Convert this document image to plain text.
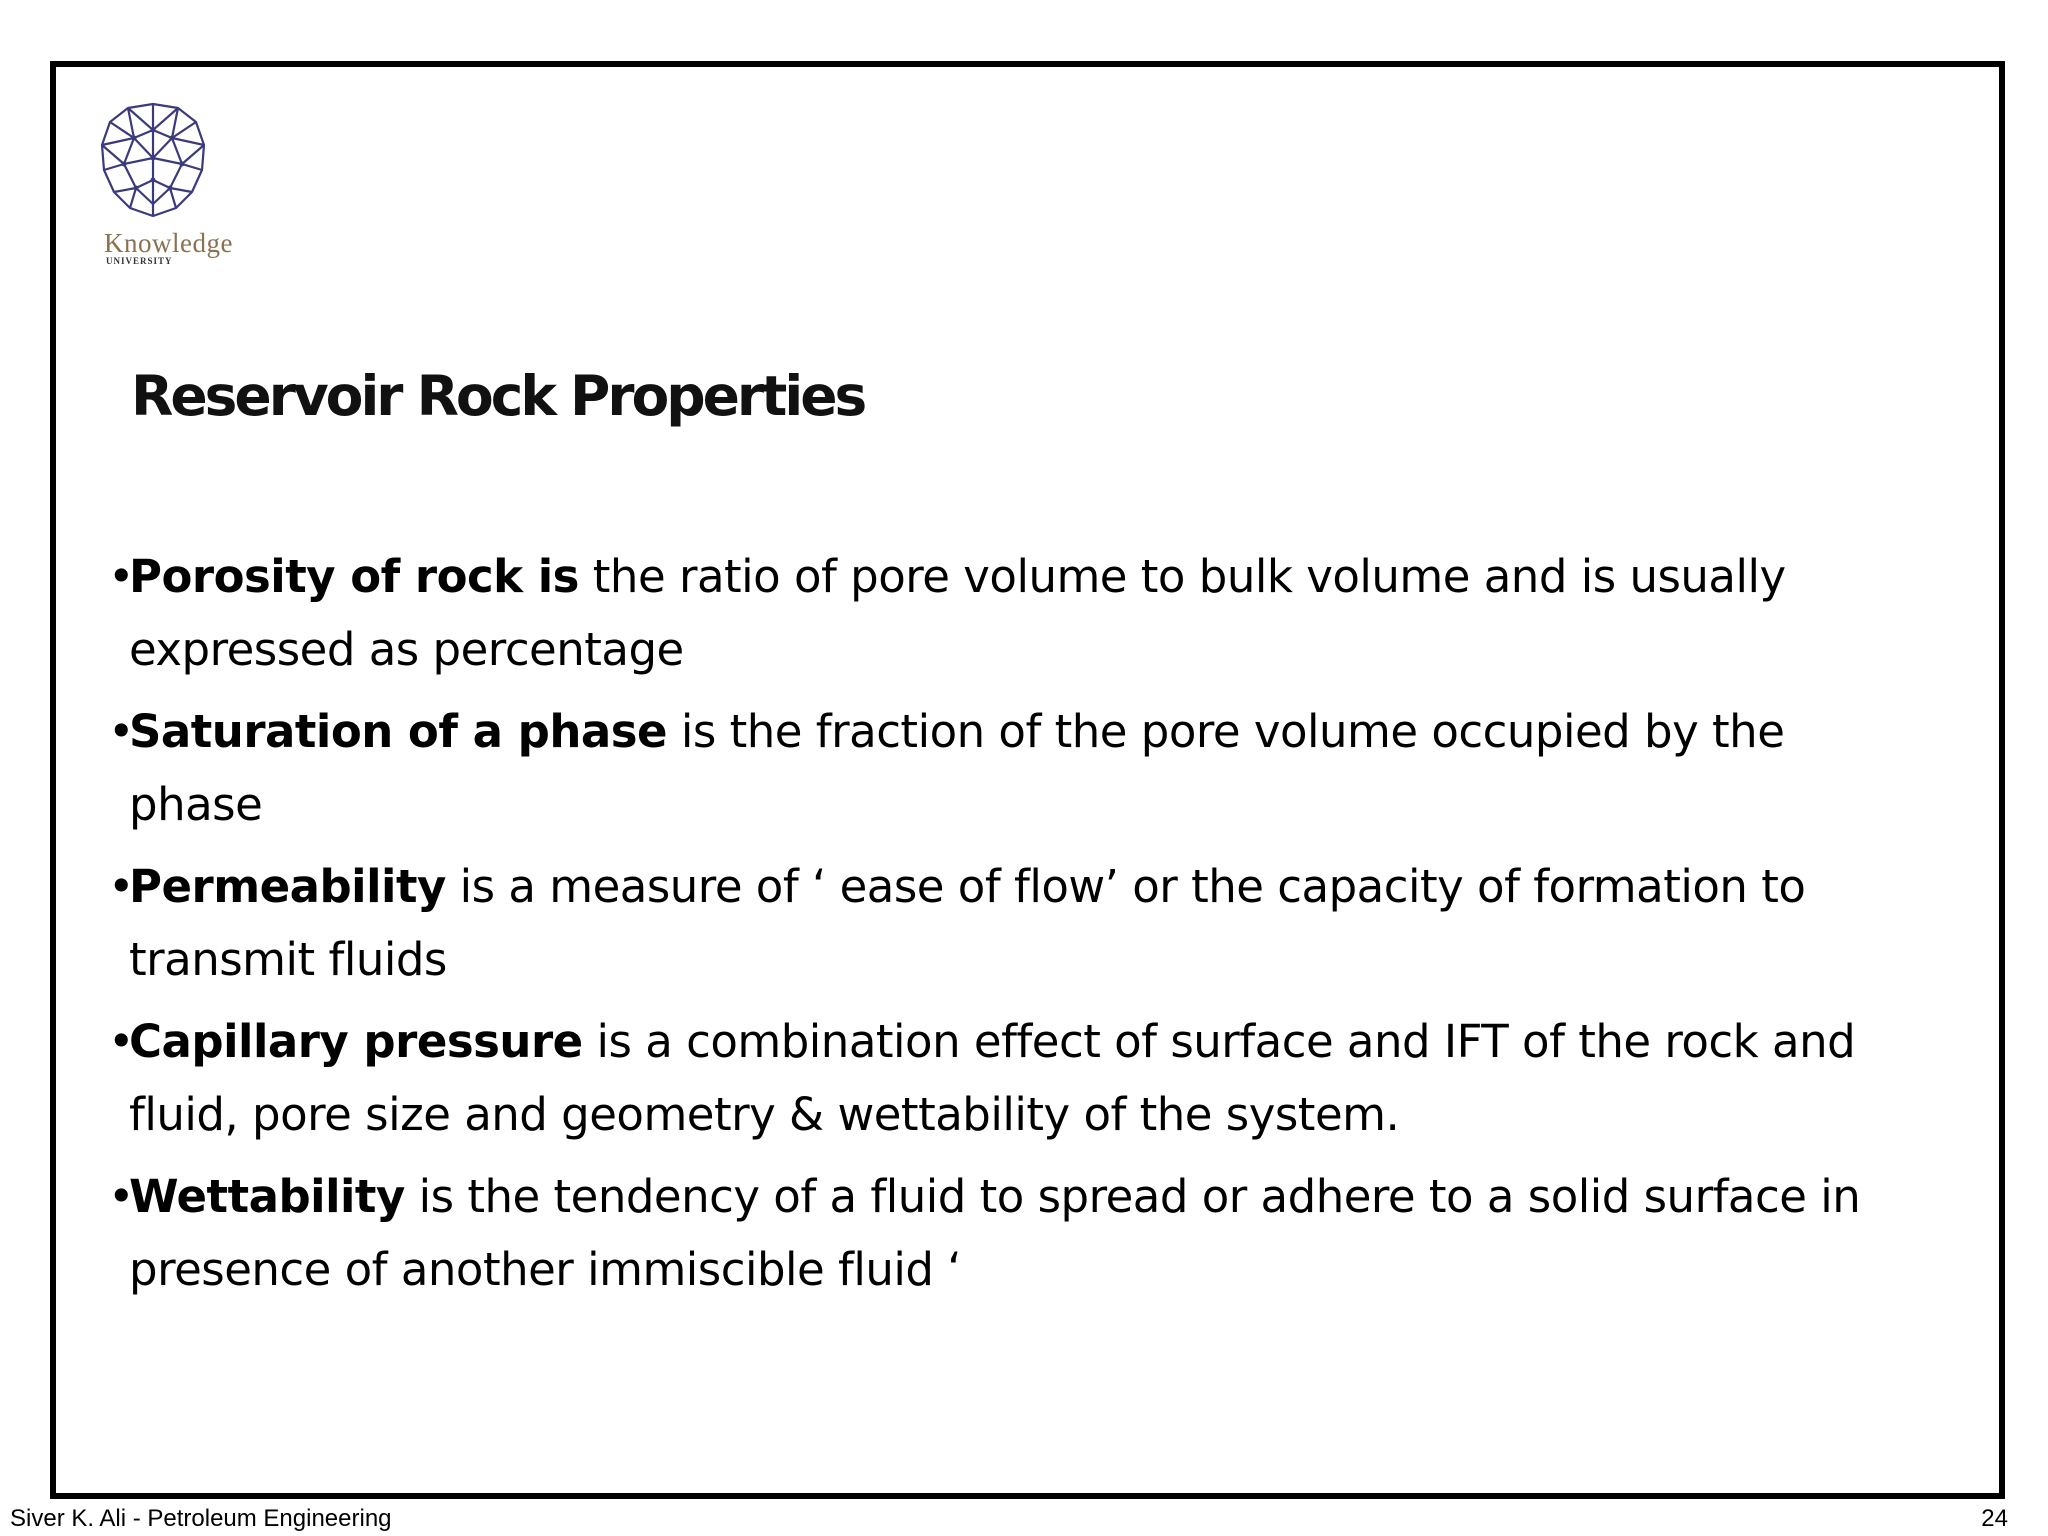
Knowledge
UNIVERSITY
Reservoir Rock Properties
•
Porosity of rock is the ratio of pore volume to bulk volume and is usually expressed as percentage
•
Saturation of a phase is the fraction of the pore volume occupied by the phase
•
Permeability is a measure of ‘ ease of flow’ or the capacity of formation to transmit fluids
•
Capillary pressure is a combination effect of surface and IFT of the rock and fluid, pore size and geometry & wettability of the system.
•
Wettability is the tendency of a fluid to spread or adhere to a solid surface in presence of another immiscible fluid ‘
Siver K. Ali - Petroleum Engineering	24
